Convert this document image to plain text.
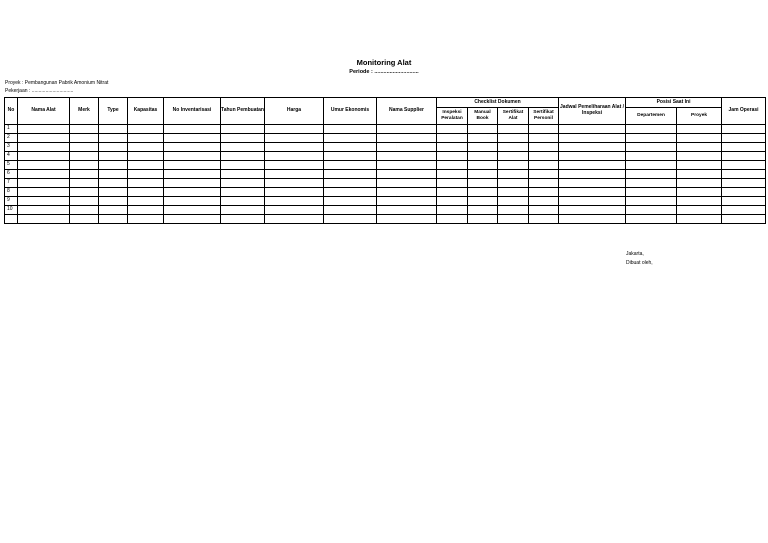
Monitoring Alat
Periode : .............................
Proyek : Pembangunan Pabrik Amonium Nitrat
Pekerjaan : ..............................
No	Nama Alat	Merk	Type	Kapasitas	No Inventarisasi	Tahun Pembuatan	Harga	Umur Ekonomis	Nama Supplier	Checklist Dokumen				Jadwal Pemeliharaan Alat / Inspeksi	Posisi Saat Ini		Jam Operasi
										Inspeksi Peralatan	Manual Book	Sertifikat Alat	Sertifikat Personil		Departemen	Proyek	
1																	
2																	
3																	
4																	
5																	
6																	
7																	
8																	
9																	
10																	

Jakarta,
Dibuat oleh,
